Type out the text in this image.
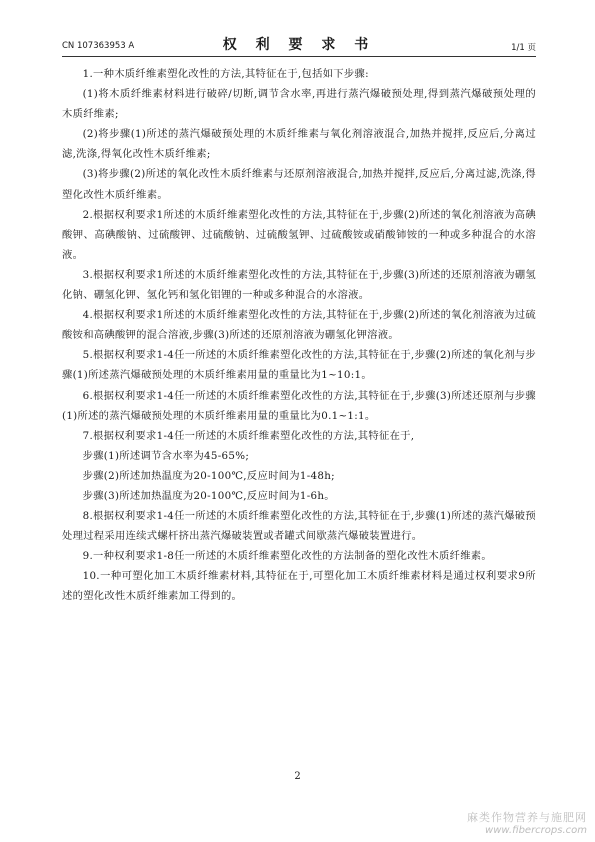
CN 107363953 A	权 利 要 求 书	1/1 页

1.一种木质纤维素塑化改性的方法,其特征在于,包括如下步骤:

(1)将木质纤维素材料进行破碎/切断,调节含水率,再进行蒸汽爆破预处理,得到蒸汽爆破预处理的木质纤维素;

(2)将步骤(1)所述的蒸汽爆破预处理的木质纤维素与氧化剂溶液混合,加热并搅拌,反应后,分离过滤,洗涤,得氧化改性木质纤维素;

(3)将步骤(2)所述的氧化改性木质纤维素与还原剂溶液混合,加热并搅拌,反应后,分离过滤,洗涤,得塑化改性木质纤维素。

2.根据权利要求1所述的木质纤维素塑化改性的方法,其特征在于,步骤(2)所述的氧化剂溶液为高碘酸钾、高碘酸钠、过硫酸钾、过硫酸钠、过硫酸氢钾、过硫酸铵或硝酸铈铵的一种或多种混合的水溶液。

3.根据权利要求1所述的木质纤维素塑化改性的方法,其特征在于,步骤(3)所述的还原剂溶液为硼氢化钠、硼氢化钾、氢化钙和氢化铝锂的一种或多种混合的水溶液。

4.根据权利要求1所述的木质纤维素塑化改性的方法,其特征在于,步骤(2)所述的氧化剂溶液为过硫酸铵和高碘酸钾的混合溶液,步骤(3)所述的还原剂溶液为硼氢化钾溶液。

5.根据权利要求1-4任一所述的木质纤维素塑化改性的方法,其特征在于,步骤(2)所述的氧化剂与步骤(1)所述蒸汽爆破预处理的木质纤维素用量的重量比为1~10:1。

6.根据权利要求1-4任一所述的木质纤维素塑化改性的方法,其特征在于,步骤(3)所述还原剂与步骤(1)所述的蒸汽爆破预处理的木质纤维素用量的重量比为0.1~1:1。

7.根据权利要求1-4任一所述的木质纤维素塑化改性的方法,其特征在于,

步骤(1)所述调节含水率为45-65%;

步骤(2)所述加热温度为20-100℃,反应时间为1-48h;

步骤(3)所述加热温度为20-100℃,反应时间为1-6h。

8.根据权利要求1-4任一所述的木质纤维素塑化改性的方法,其特征在于,步骤(1)所述的蒸汽爆破预处理过程采用连续式螺杆挤出蒸汽爆破装置或者罐式间歇蒸汽爆破装置进行。

9.一种权利要求1-8任一所述的木质纤维素塑化改性的方法制备的塑化改性木质纤维素。

10.一种可塑化加工木质纤维素材料,其特征在于,可塑化加工木质纤维素材料是通过权利要求9所述的塑化改性木质纤维素加工得到的。

2
麻类作物营养与施肥网
www.fibercrops.com
